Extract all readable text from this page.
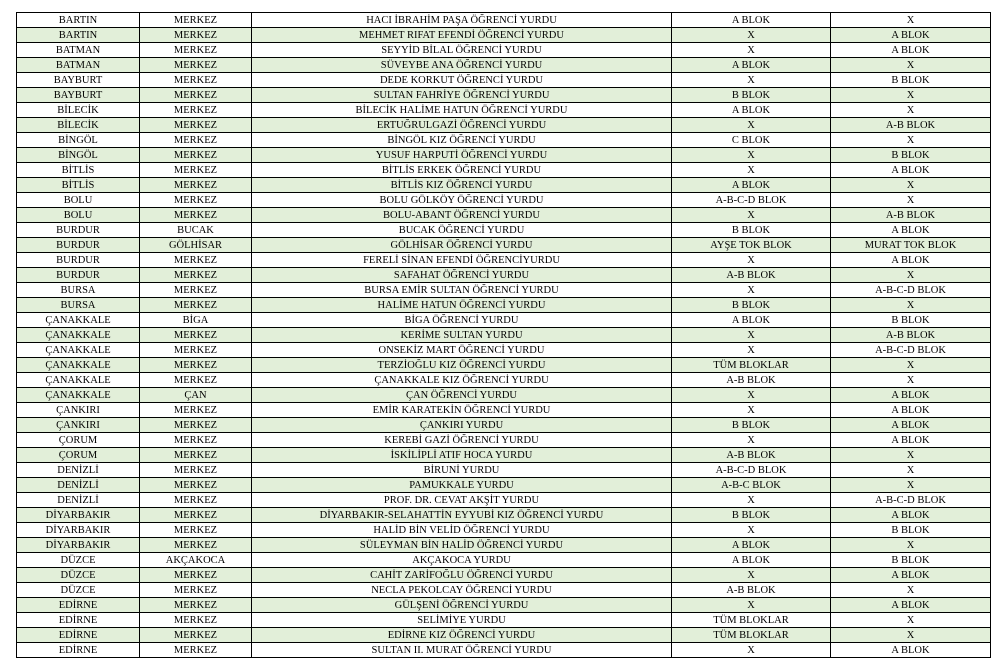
BARTIN	MERKEZ	HACI İBRAHİM PAŞA ÖĞRENCİ YURDU	A BLOK	X
BARTIN	MERKEZ	MEHMET RIFAT EFENDİ ÖĞRENCİ YURDU	X	A BLOK
BATMAN	MERKEZ	SEYYİD BİLAL ÖĞRENCİ YURDU	X	A BLOK
BATMAN	MERKEZ	SÜVEYBE ANA ÖĞRENCİ YURDU	A BLOK	X
BAYBURT	MERKEZ	DEDE KORKUT ÖĞRENCİ YURDU	X	B BLOK
BAYBURT	MERKEZ	SULTAN FAHRİYE ÖĞRENCİ YURDU	B BLOK	X
BİLECİK	MERKEZ	BİLECİK HALİME HATUN ÖĞRENCİ YURDU	A BLOK	X
BİLECİK	MERKEZ	ERTUĞRULGAZİ ÖĞRENCİ YURDU	X	A-B BLOK
BİNGÖL	MERKEZ	BİNGÖL KIZ ÖĞRENCİ YURDU	C BLOK	X
BİNGÖL	MERKEZ	YUSUF HARPUTİ ÖĞRENCİ YURDU	X	B BLOK
BİTLİS	MERKEZ	BİTLİS ERKEK ÖĞRENCİ YURDU	X	A BLOK
BİTLİS	MERKEZ	BİTLİS KIZ ÖĞRENCİ YURDU	A BLOK	X
BOLU	MERKEZ	BOLU GÖLKÖY ÖĞRENCİ YURDU	A-B-C-D BLOK	X
BOLU	MERKEZ	BOLU-ABANT ÖĞRENCİ YURDU	X	A-B BLOK
BURDUR	BUCAK	BUCAK ÖĞRENCİ YURDU	B BLOK	A BLOK
BURDUR	GÖLHİSAR	GÖLHİSAR ÖĞRENCİ YURDU	AYŞE TOK BLOK	MURAT TOK BLOK
BURDUR	MERKEZ	FERELİ SİNAN EFENDİ ÖĞRENCİYURDU	X	A BLOK
BURDUR	MERKEZ	SAFAHAT ÖĞRENCİ YURDU	A-B BLOK	X
BURSA	MERKEZ	BURSA EMİR SULTAN ÖĞRENCİ YURDU	X	A-B-C-D BLOK
BURSA	MERKEZ	HALİME HATUN ÖĞRENCİ YURDU	B BLOK	X
ÇANAKKALE	BİGA	BİGA ÖĞRENCİ YURDU	A BLOK	B BLOK
ÇANAKKALE	MERKEZ	KERİME SULTAN YURDU	X	A-B BLOK
ÇANAKKALE	MERKEZ	ONSEKİZ MART ÖĞRENCİ YURDU	X	A-B-C-D BLOK
ÇANAKKALE	MERKEZ	TERZİOĞLU KIZ ÖĞRENCİ YURDU	TÜM BLOKLAR	X
ÇANAKKALE	MERKEZ	ÇANAKKALE KIZ ÖĞRENCİ YURDU	A-B BLOK	X
ÇANAKKALE	ÇAN	ÇAN ÖĞRENCİ YURDU	X	A BLOK
ÇANKIRI	MERKEZ	EMİR KARATEKİN ÖĞRENCİ YURDU	X	A BLOK
ÇANKIRI	MERKEZ	ÇANKIRI YURDU	B BLOK	A BLOK
ÇORUM	MERKEZ	KEREBİ GAZİ ÖĞRENCİ YURDU	X	A BLOK
ÇORUM	MERKEZ	İSKİLİPLİ ATIF HOCA YURDU	A-B BLOK	X
DENİZLİ	MERKEZ	BİRUNİ YURDU	A-B-C-D BLOK	X
DENİZLİ	MERKEZ	PAMUKKALE YURDU	A-B-C BLOK	X
DENİZLİ	MERKEZ	PROF. DR. CEVAT AKŞİT YURDU	X	A-B-C-D BLOK
DİYARBAKIR	MERKEZ	DİYARBAKIR-SELAHATTİN EYYUBİ KIZ ÖĞRENCİ YURDU	B BLOK	A BLOK
DİYARBAKIR	MERKEZ	HALİD BİN VELİD ÖĞRENCİ YURDU	X	B BLOK
DİYARBAKIR	MERKEZ	SÜLEYMAN BİN HALİD ÖĞRENCİ YURDU	A BLOK	X
DÜZCE	AKÇAKOCA	AKÇAKOCA YURDU	A BLOK	B BLOK
DÜZCE	MERKEZ	CAHİT ZARİFOĞLU ÖĞRENCİ YURDU	X	A BLOK
DÜZCE	MERKEZ	NECLA PEKOLCAY ÖĞRENCİ YURDU	A-B BLOK	X
EDİRNE	MERKEZ	GÜLŞENİ ÖĞRENCİ YURDU	X	A BLOK
EDİRNE	MERKEZ	SELİMİYE YURDU	TÜM BLOKLAR	X
EDİRNE	MERKEZ	EDİRNE KIZ ÖĞRENCİ YURDU	TÜM BLOKLAR	X
EDİRNE	MERKEZ	SULTAN II. MURAT ÖĞRENCİ YURDU	X	A BLOK
